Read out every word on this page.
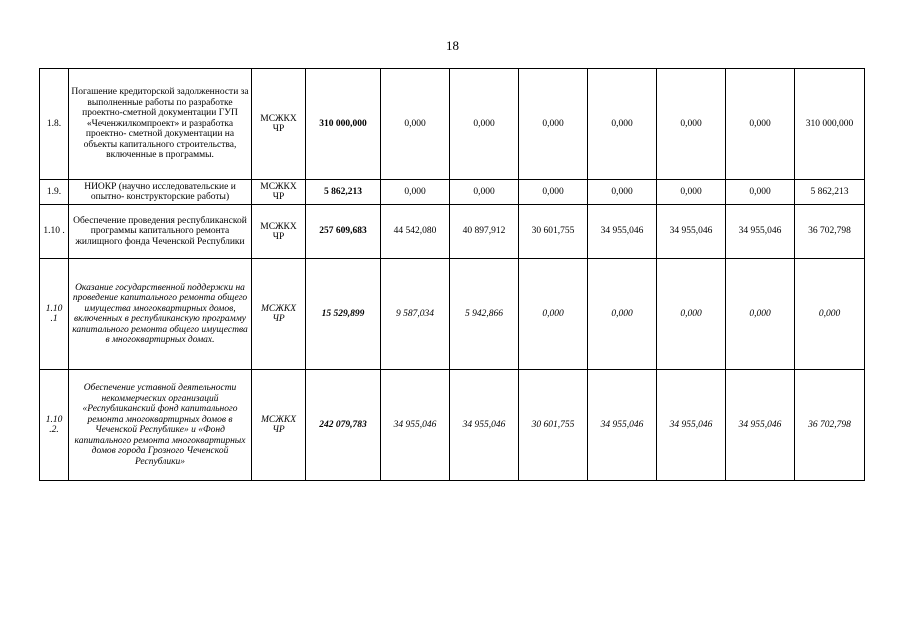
18
1.8.	Погашение кредиторской задолженности за выполненные работы по разработке проектно-сметной документации ГУП «Чеченжилкомпроект» и разработка проектно- сметной документации на объекты капитального строительства, включенные в программы.	МСЖКХ ЧР	310 000,000	0,000	0,000	0,000	0,000	0,000	0,000	310 000,000
1.9.	НИОКР (научно исследовательские и опытно- конструкторские работы)	МСЖКХ ЧР	5 862,213	0,000	0,000	0,000	0,000	0,000	0,000	5 862,213
1.10 .	Обеспечение проведения республиканской программы капитального ремонта жилищного фонда Чеченской Республики	МСЖКХ ЧР	257 609,683	44 542,080	40 897,912	30 601,755	34 955,046	34 955,046	34 955,046	36 702,798
1.10 .1	Оказание государственной поддержки на проведение капитального ремонта общего имущества многоквартирных домов, включенных в республиканскую программу капитального ремонта общего имущества в многоквартирных домах.	МСЖКХ ЧР	15 529,899	9 587,034	5 942,866	0,000	0,000	0,000	0,000	0,000
1.10 .2.	Обеспечение уставной деятельности некоммерческих организаций «Республиканский фонд капитального ремонта многоквартирных домов в Чеченской Республике» и «Фонд капитального ремонта многоквартирных домов города Грозного Чеченской Республики»	МСЖКХ ЧР	242 079,783	34 955,046	34 955,046	30 601,755	34 955,046	34 955,046	34 955,046	36 702,798
